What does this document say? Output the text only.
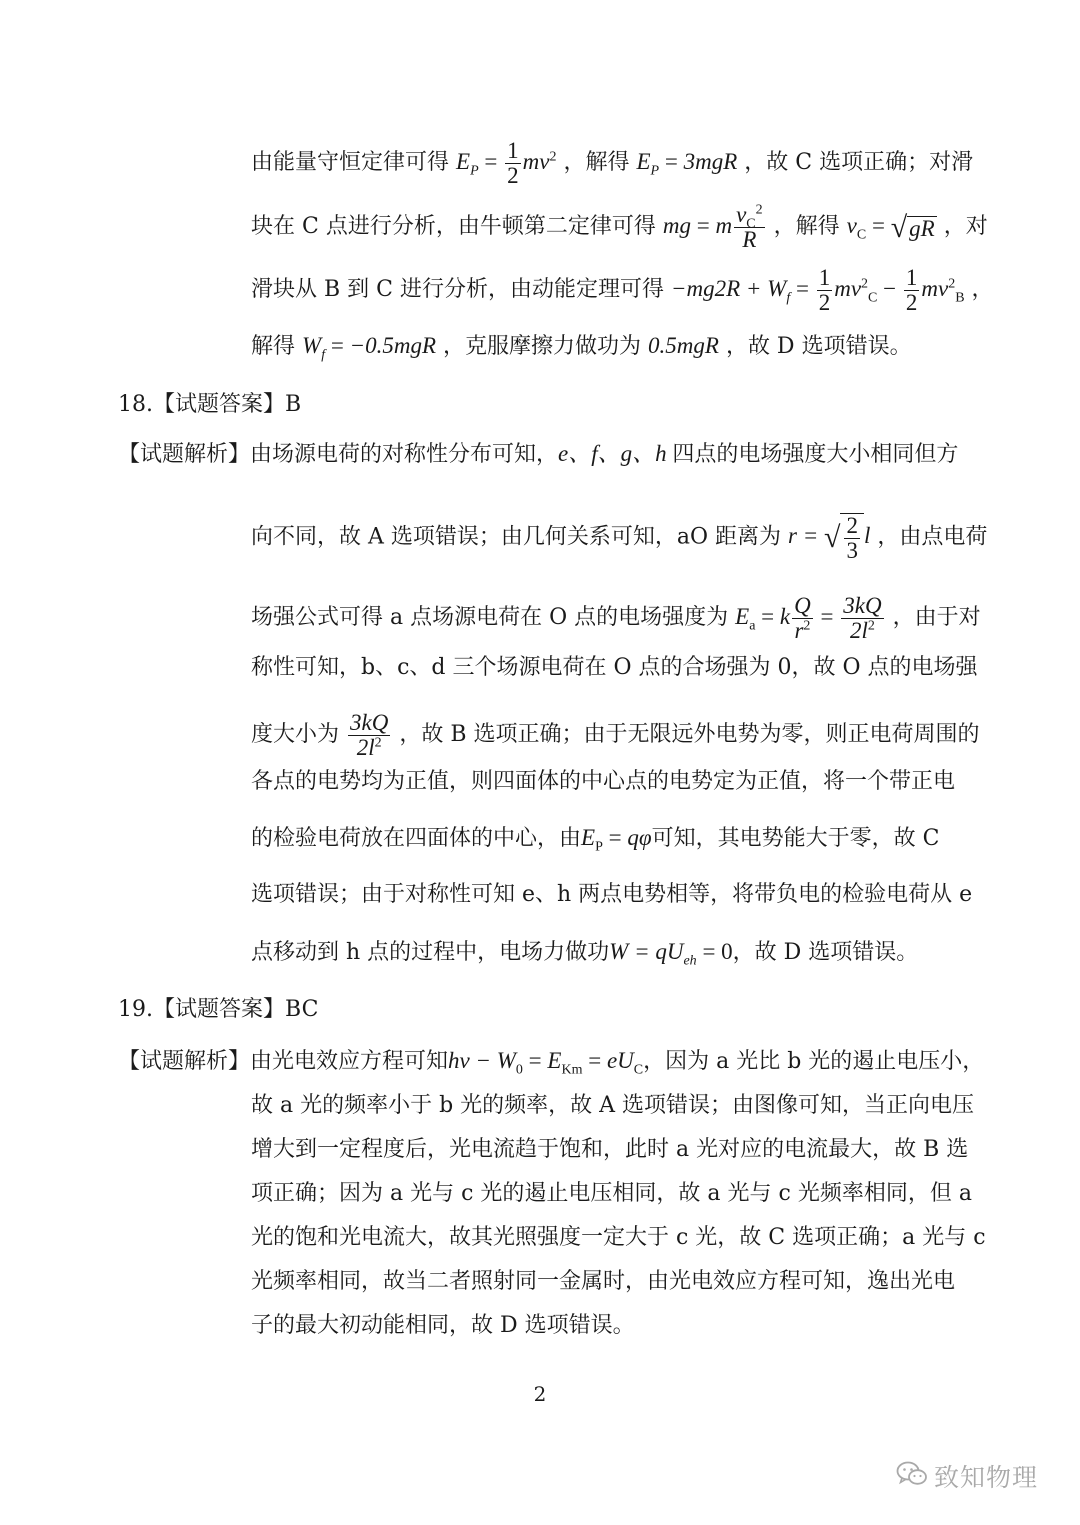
由能量守恒定律可得 $E_P = \frac{1}{2} mv^2$ ，解得 $E_P = 3mgR$ ，故 C 选项正确；对滑
块在 C 点进行分析，由牛顿第二定律可得 mg = m $\frac{v_C^2}{R}$ ，解得 $v_C = √gR$ ，对
滑块从 B 到 C 进行分析，由动能定理可得 $-mg2R + W_f = \frac{1}{2} mv^2_C - \frac{1}{2} mv^2_B$ ，
解得 $W_f = -0.5mgR$ ，克服摩擦力做功为 0.5mgR ，故 D 选项错误。
18.【试题答案】B
【试题解析】由场源电荷的对称性分布可知，e、f、g、h 四点的电场强度大小相同但方
向不同，故 A 选项错误；由几何关系可知，aO 距离为 r = √ $\frac{2}{3}$ l ，由点电荷
场强公式可得 a 点场源电荷在 O 点的电场强度为 $E_a = k \frac{Q}{r^2} = \frac{3kQ}{2l^2}$ ，由于对
称性可知，b、c、d 三个场源电荷在 O 点的合场强为 0，故 O 点的电场强
度大小为 $\frac{3kQ}{2l^2}$ ，故 B 选项正确；由于无限远外电势为零，则正电荷周围的
各点的电势均为正值，则四面体的中心点的电势定为正值，将一个带正电
的检验电荷放在四面体的中心，由$E_P = q\varphi$可知，其电势能大于零，故 C
选项错误；由于对称性可知 e、h 两点电势相等，将带负电的检验电荷从 e
点移动到 h 点的过程中，电场力做功$W = qU_{eh} = 0$，故 D 选项错误。
19.【试题答案】BC
【试题解析】由光电效应方程可知$h\nu - W_0 = E_{Km} = eU_C$，因为 a 光比 b 光的遏止电压小，
故 a 光的频率小于 b 光的频率，故 A 选项错误；由图像可知，当正向电压
增大到一定程度后，光电流趋于饱和，此时 a 光对应的电流最大，故 B 选
项正确；因为 a 光与 c 光的遏止电压相同，故 a 光与 c 光频率相同，但 a
光的饱和光电流大，故其光照强度一定大于 c 光，故 C 选项正确；a 光与 c
光频率相同，故当二者照射同一金属时，由光电效应方程可知，逸出光电
子的最大初动能相同，故 D 选项错误。
2
致知物理
